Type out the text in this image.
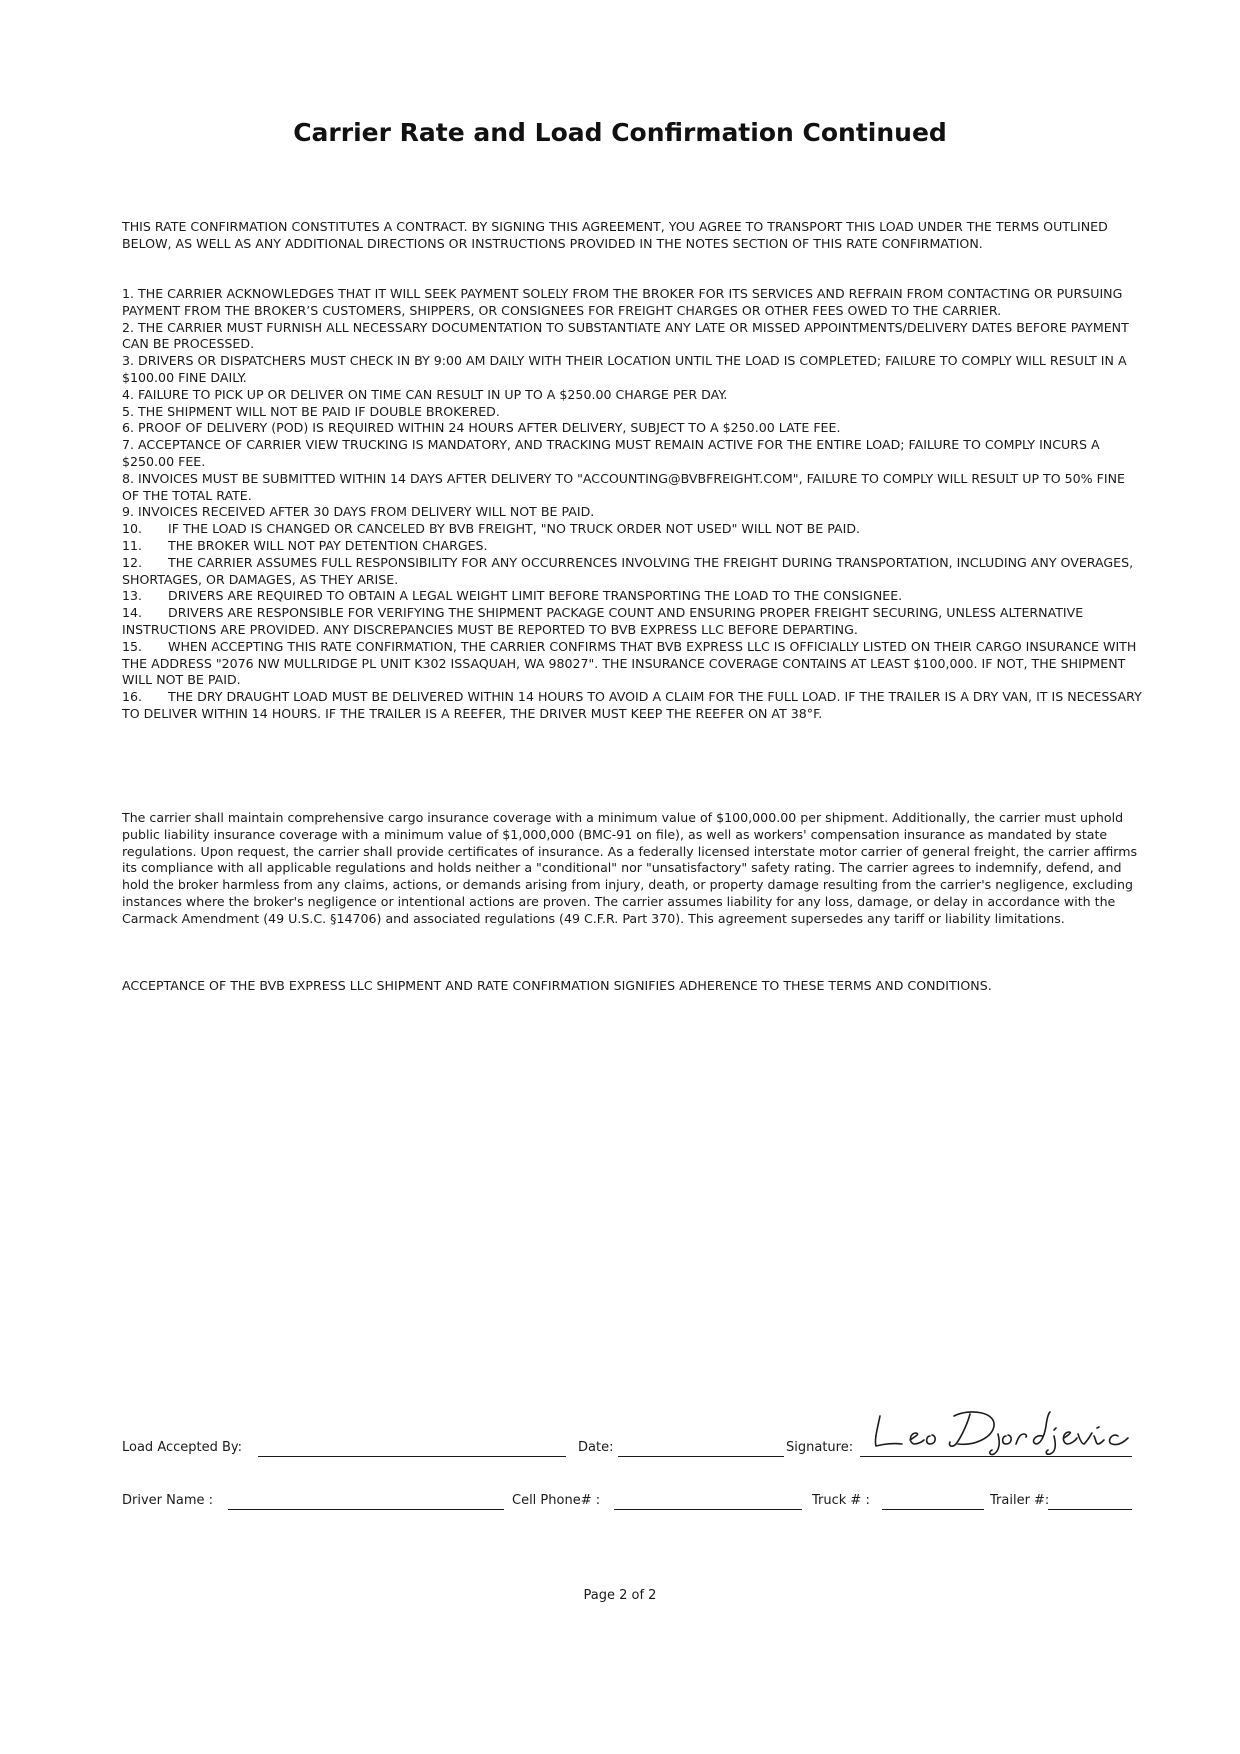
Carrier Rate and Load Confirmation Continued
THIS RATE CONFIRMATION CONSTITUTES A CONTRACT. BY SIGNING THIS AGREEMENT, YOU AGREE TO TRANSPORT THIS LOAD UNDER THE TERMS OUTLINED BELOW, AS WELL AS ANY ADDITIONAL DIRECTIONS OR INSTRUCTIONS PROVIDED IN THE NOTES SECTION OF THIS RATE CONFIRMATION.
1. THE CARRIER ACKNOWLEDGES THAT IT WILL SEEK PAYMENT SOLELY FROM THE BROKER FOR ITS SERVICES AND REFRAIN FROM CONTACTING OR PURSUING PAYMENT FROM THE BROKER’S CUSTOMERS, SHIPPERS, OR CONSIGNEES FOR FREIGHT CHARGES OR OTHER FEES OWED TO THE CARRIER.
2. THE CARRIER MUST FURNISH ALL NECESSARY DOCUMENTATION TO SUBSTANTIATE ANY LATE OR MISSED APPOINTMENTS/DELIVERY DATES BEFORE PAYMENT CAN BE PROCESSED.
3. DRIVERS OR DISPATCHERS MUST CHECK IN BY 9:00 AM DAILY WITH THEIR LOCATION UNTIL THE LOAD IS COMPLETED; FAILURE TO COMPLY WILL RESULT IN A $100.00 FINE DAILY.
4. FAILURE TO PICK UP OR DELIVER ON TIME CAN RESULT IN UP TO A $250.00 CHARGE PER DAY.
5. THE SHIPMENT WILL NOT BE PAID IF DOUBLE BROKERED.
6. PROOF OF DELIVERY (POD) IS REQUIRED WITHIN 24 HOURS AFTER DELIVERY, SUBJECT TO A $250.00 LATE FEE.
7. ACCEPTANCE OF CARRIER VIEW TRUCKING IS MANDATORY, AND TRACKING MUST REMAIN ACTIVE FOR THE ENTIRE LOAD; FAILURE TO COMPLY INCURS A $250.00 FEE.
8. INVOICES MUST BE SUBMITTED WITHIN 14 DAYS AFTER DELIVERY TO "ACCOUNTING@BVBFREIGHT.COM", FAILURE TO COMPLY WILL RESULT UP TO 50% FINE OF THE TOTAL RATE.
9. INVOICES RECEIVED AFTER 30 DAYS FROM DELIVERY WILL NOT BE PAID.
10. IF THE LOAD IS CHANGED OR CANCELED BY BVB FREIGHT, "NO TRUCK ORDER NOT USED" WILL NOT BE PAID.
11. THE BROKER WILL NOT PAY DETENTION CHARGES.
12. THE CARRIER ASSUMES FULL RESPONSIBILITY FOR ANY OCCURRENCES INVOLVING THE FREIGHT DURING TRANSPORTATION, INCLUDING ANY OVERAGES, SHORTAGES, OR DAMAGES, AS THEY ARISE.
13. DRIVERS ARE REQUIRED TO OBTAIN A LEGAL WEIGHT LIMIT BEFORE TRANSPORTING THE LOAD TO THE CONSIGNEE.
14. DRIVERS ARE RESPONSIBLE FOR VERIFYING THE SHIPMENT PACKAGE COUNT AND ENSURING PROPER FREIGHT SECURING, UNLESS ALTERNATIVE INSTRUCTIONS ARE PROVIDED. ANY DISCREPANCIES MUST BE REPORTED TO BVB EXPRESS LLC BEFORE DEPARTING.
15. WHEN ACCEPTING THIS RATE CONFIRMATION, THE CARRIER CONFIRMS THAT BVB EXPRESS LLC IS OFFICIALLY LISTED ON THEIR CARGO INSURANCE WITH THE ADDRESS "2076 NW MULLRIDGE PL UNIT K302 ISSAQUAH, WA 98027". THE INSURANCE COVERAGE CONTAINS AT LEAST $100,000. IF NOT, THE SHIPMENT WILL NOT BE PAID.
16. THE DRY DRAUGHT LOAD MUST BE DELIVERED WITHIN 14 HOURS TO AVOID A CLAIM FOR THE FULL LOAD. IF THE TRAILER IS A DRY VAN, IT IS NECESSARY TO DELIVER WITHIN 14 HOURS. IF THE TRAILER IS A REEFER, THE DRIVER MUST KEEP THE REEFER ON AT 38°F.
The carrier shall maintain comprehensive cargo insurance coverage with a minimum value of $100,000.00 per shipment. Additionally, the carrier must uphold public liability insurance coverage with a minimum value of $1,000,000 (BMC-91 on file), as well as workers' compensation insurance as mandated by state regulations. Upon request, the carrier shall provide certificates of insurance. As a federally licensed interstate motor carrier of general freight, the carrier affirms its compliance with all applicable regulations and holds neither a "conditional" nor "unsatisfactory" safety rating. The carrier agrees to indemnify, defend, and hold the broker harmless from any claims, actions, or demands arising from injury, death, or property damage resulting from the carrier's negligence, excluding instances where the broker's negligence or intentional actions are proven. The carrier assumes liability for any loss, damage, or delay in accordance with the Carmack Amendment (49 U.S.C. §14706) and associated regulations (49 C.F.R. Part 370). This agreement supersedes any tariff or liability limitations.
ACCEPTANCE OF THE BVB EXPRESS LLC SHIPMENT AND RATE CONFIRMATION SIGNIFIES ADHERENCE TO THESE TERMS AND CONDITIONS.
Load Accepted By:	Date:	Signature:
Driver Name :	Cell Phone# :	Truck # :	Trailer #:
Page 2 of 2
